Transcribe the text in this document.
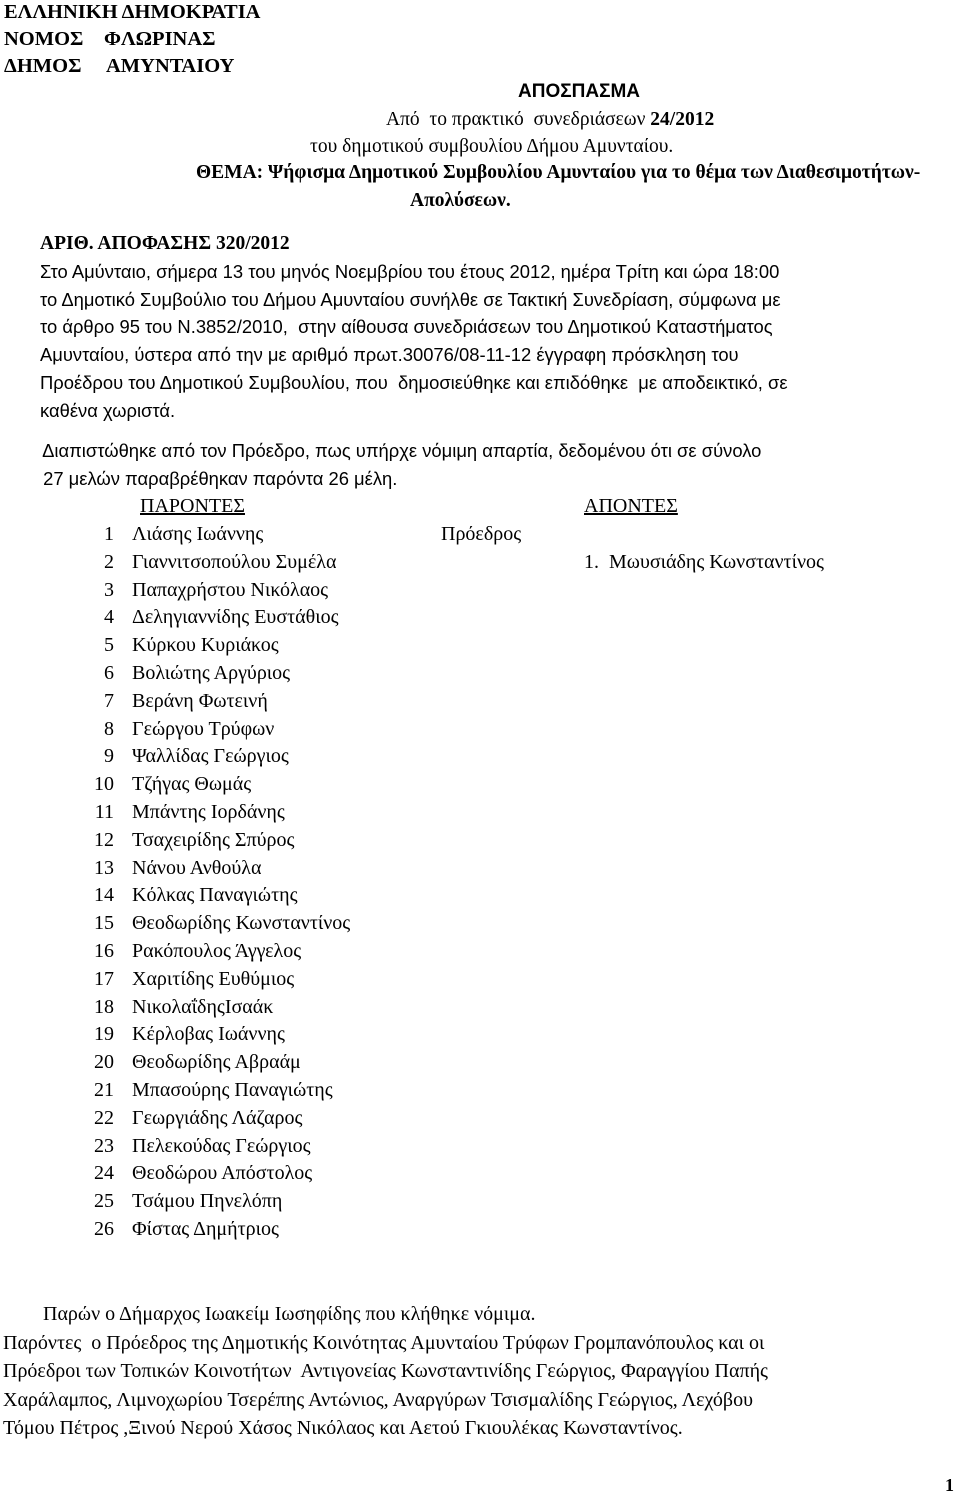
ΕΛΛΗΝΙΚΗ ΔΗΜΟΚΡΑΤΙΑ
ΝΟΜΟΣ    ΦΛΩΡΙΝΑΣ
ΔΗΜΟΣ     ΑΜΥΝΤΑΙΟΥ
ΑΠΟΣΠΑΣΜΑ
Από  το πρακτικό  συνεδριάσεων 24/2012
του δημοτικού συμβουλίου Δήμου Αμυνταίου.
ΘΕΜΑ: Ψήφισμα Δημοτικού Συμβουλίου Αμυνταίου για το θέμα των Διαθεσιμοτήτων-
Απολύσεων.
ΑΡΙΘ. ΑΠΟΦΑΣΗΣ 320/2012
Στο Αμύνταιο, σήμερα 13 του μηνός Νοεμβρίου του έτους 2012, ημέρα Τρίτη και ώρα 18:00
το Δημοτικό Συμβούλιο του Δήμου Αμυνταίου συνήλθε σε Τακτική Συνεδρίαση, σύμφωνα με
το άρθρο 95 του Ν.3852/2010,  στην αίθουσα συνεδριάσεων του Δημοτικού Καταστήματος
Αμυνταίου, ύστερα από την με αριθμό πρωτ.30076/08-11-12 έγγραφη πρόσκληση του
Προέδρου του Δημοτικού Συμβουλίου, που  δημοσιεύθηκε και επιδόθηκε  με αποδεικτικό, σε
καθένα χωριστά.
Διαπιστώθηκε από τον Πρόεδρο, πως υπήρχε νόμιμη απαρτία, δεδομένου ότι σε σύνολο
27 μελών παραβρέθηκαν παρόντα 26 μέλη.
ΠΑΡΟΝΤΕΣ	ΑΠΟΝΤΕΣ
Πρόεδρος
1.  Μωυσιάδης Κωνσταντίνος
1 Λιάσης Ιωάννης
2 Γιαννιτσοπούλου Συμέλα
3 Παπαχρήστου Νικόλαος
4 Δεληγιαννίδης Ευστάθιος
5 Κύρκου Κυριάκος
6 Βολιώτης Αργύριος
7 Βεράνη Φωτεινή
8 Γεώργου Τρύφων
9 Ψαλλίδας Γεώργιος
10 Τζήγας Θωμάς
11 Μπάντης Ιορδάνης
12 Τσαχειρίδης Σπύρος
13 Νάνου Ανθούλα
14 Κόλκας Παναγιώτης
15 Θεοδωρίδης Κωνσταντίνος
16 Ρακόπουλος Άγγελος
17 Χαριτίδης Ευθύμιος
18 ΝικολαΐδηςΙσαάκ
19 Κέρλοβας Ιωάννης
20 Θεοδωρίδης Αβραάμ
21 Μπασούρης Παναγιώτης
22 Γεωργιάδης Λάζαρος
23 Πελεκούδας Γεώργιος
24 Θεοδώρου Απόστολος
25 Τσάμου Πηνελόπη
26 Φίστας Δημήτριος
Παρών ο Δήμαρχος Ιωακείμ Ιωσηφίδης που κλήθηκε νόμιμα.
Παρόντες  ο Πρόεδρος της Δημοτικής Κοινότητας Αμυνταίου Τρύφων Γρομπανόπουλος και οι
Πρόεδροι των Τοπικών Κοινοτήτων  Αντιγονείας Κωνσταντινίδης Γεώργιος, Φαραγγίου Παπής
Χαράλαμπος, Λιμνοχωρίου Τσερέπης Αντώνιος, Αναργύρων Τσισμαλίδης Γεώργιος, Λεχόβου
Τόμου Πέτρος ,Ξινού Νερού Χάσος Νικόλαος και Αετού Γκιουλέκας Κωνσταντίνος.
1
